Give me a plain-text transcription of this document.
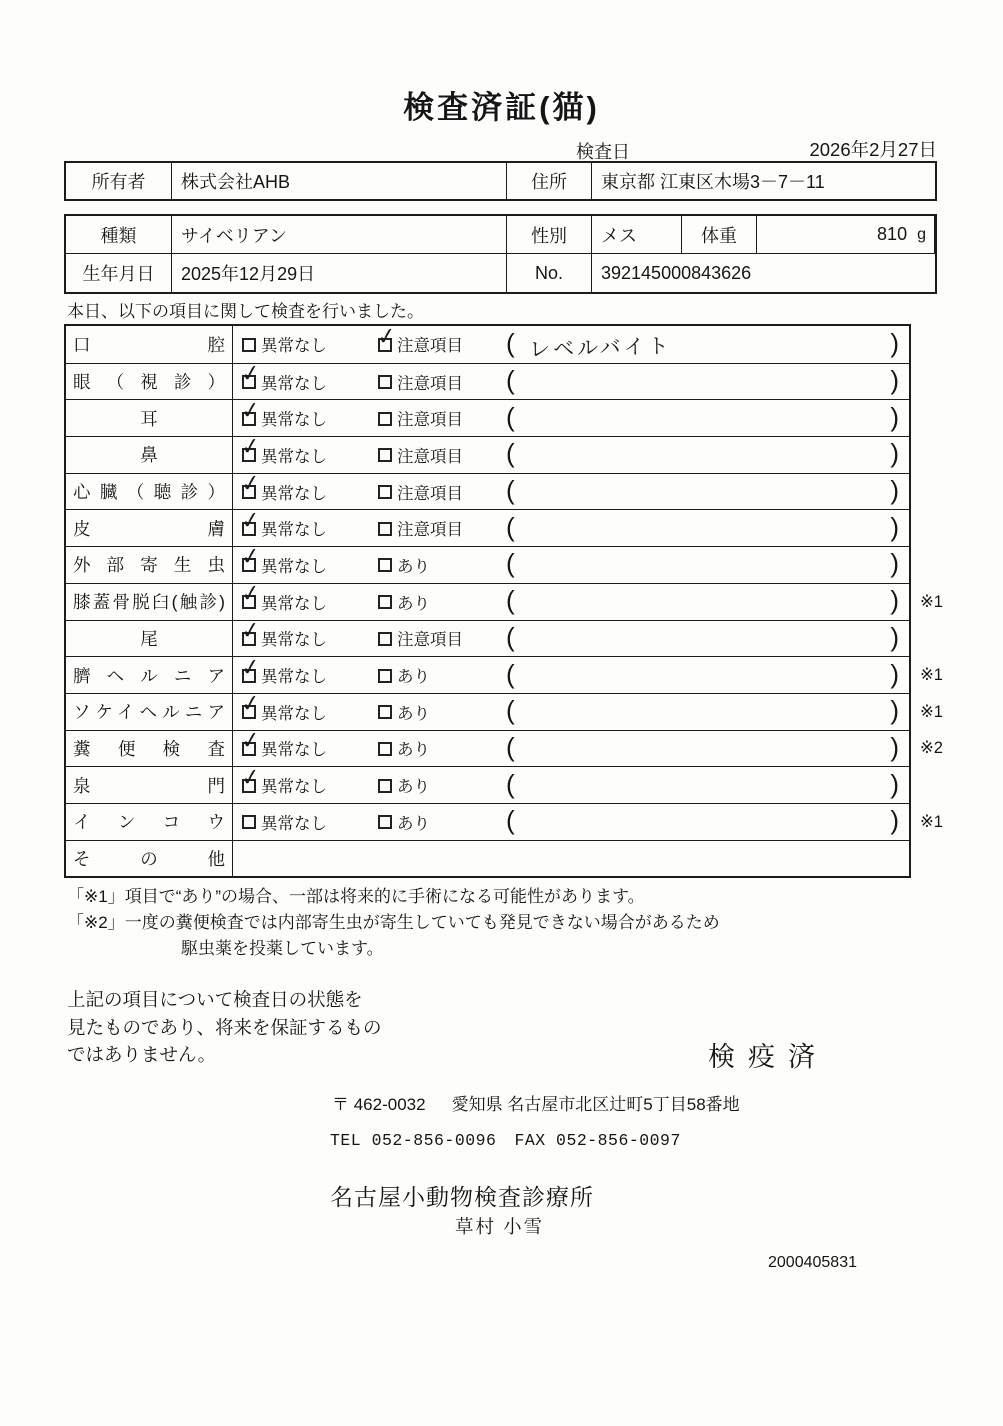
検査済証(猫)
検査日	2026年2月27日
所有者	株式会社AHB	住所	東京都 江東区木場3－7－11
種類	サイベリアン	性別	メス	体重	810 g
生年月日	2025年12月29日	No.	392145000843626
本日、以下の項目に関して検査を行いました。
口腔 異常なし ✓ 注意項目 ( レベルバイト	)
眼（視診） ✓ 異常なし	注意項目 (	)
耳	✓ 異常なし	注意項目 (	)
鼻	✓ 異常なし	注意項目 (	)
心臓（聴診） ✓ 異常なし	注意項目 (	)
皮膚 ✓ 異常なし	注意項目 (	)
外部寄生虫 ✓ 異常なし	あり	(	)
膝蓋骨脱臼(触診) ✓ 異常なし	あり	(	) ※1
尾	✓ 異常なし	注意項目 (	)
臍ヘルニア ✓ 異常なし	あり	(	) ※1
ソケイヘルニア ✓ 異常なし	あり	(	) ※1
糞便検査 ✓ 異常なし	あり	(	) ※2
泉門 ✓ 異常なし	あり	(	)
インコウ 異常なし	あり	(	) ※1
その他
「※1」項目で“あり”の場合、一部は将来的に手術になる可能性があります。
「※2」一度の糞便検査では内部寄生虫が寄生していても発見できない場合があるため
駆虫薬を投薬しています。
上記の項目について検査日の状態を
見たものであり、将来を保証するもの
ではありません。	検疫済
〒 462-0032 愛知県 名古屋市北区辻町5丁目58番地
TEL 052-856-0096 FAX 052-856-0097
名古屋小動物検査診療所
草村 小雪
2000405831
